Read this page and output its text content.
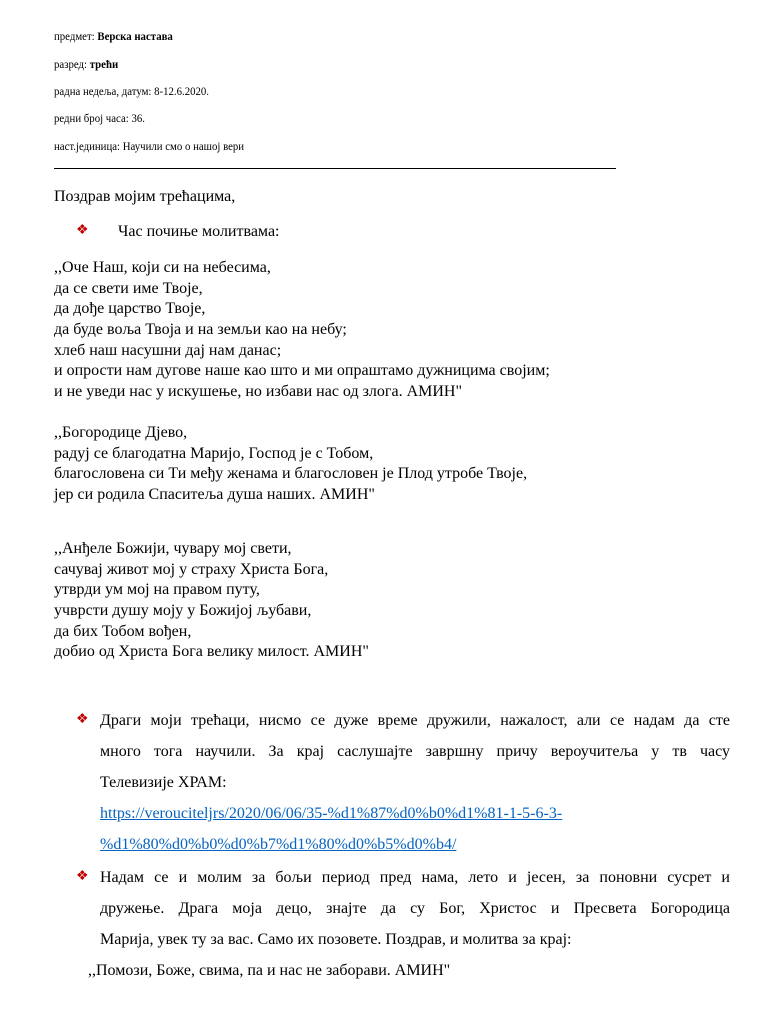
предмет: Верска настава
разред: трећи
радна недеља, датум: 8-12.6.2020.
редни број часа: 36.
наст.јединица: Научили смо о нашој вери
Поздрав мојим трећацима,
❖ Час почиње молитвама:
,,Оче Наш, који си на небесима,
да се свети име Твоје,
да дође царство Твоје,
да буде воља Твоја и на земљи као на небу;
хлеб наш насушни дај нам данас;
и опрости нам дугове наше као што и ми опраштамо дужницима својим;
и не уведи нас у искушење, но избави нас од злога. АМИН"
,,Богородице Дјево,
радуј се благодатна Маријо, Господ је с Тобом,
благословена си Ти међу женама и благословен је Плод утробе Твоје,
јер си родила Спаситеља душа наших. АМИН"
,,Анђеле Божији, чувару мој свети,
сачувај живот мој у страху Христа Бога,
утврди ум мој на правом путу,
учврсти душу моју у Божијој љубави,
да бих Тобом вођен,
добио од Христа Бога велику милост. АМИН"
❖ Драги моји трећаци, нисмо се дуже време дружили, нажалост, али се надам да сте
много тога научили. За крај саслушајте завршну причу вероучитеља у тв часу
Телевизије ХРАМ:
https://verouciteljrs/2020/06/06/35-%d1%87%d0%b0%d1%81-1-5-6-3-
%d1%80%d0%b0%d0%b7%d1%80%d0%b5%d0%b4/
❖ Надам се и молим за бољи период пред нама, лето и јесен, за поновни сусрет и
дружење. Драга моја децо, знајте да су Бог, Христос и Пресвета Богородица
Марија, увек ту за вас. Само их позовете. Поздрав, и молитва за крај:
,,Помози, Боже, свима, па и нас не заборави. АМИН"
